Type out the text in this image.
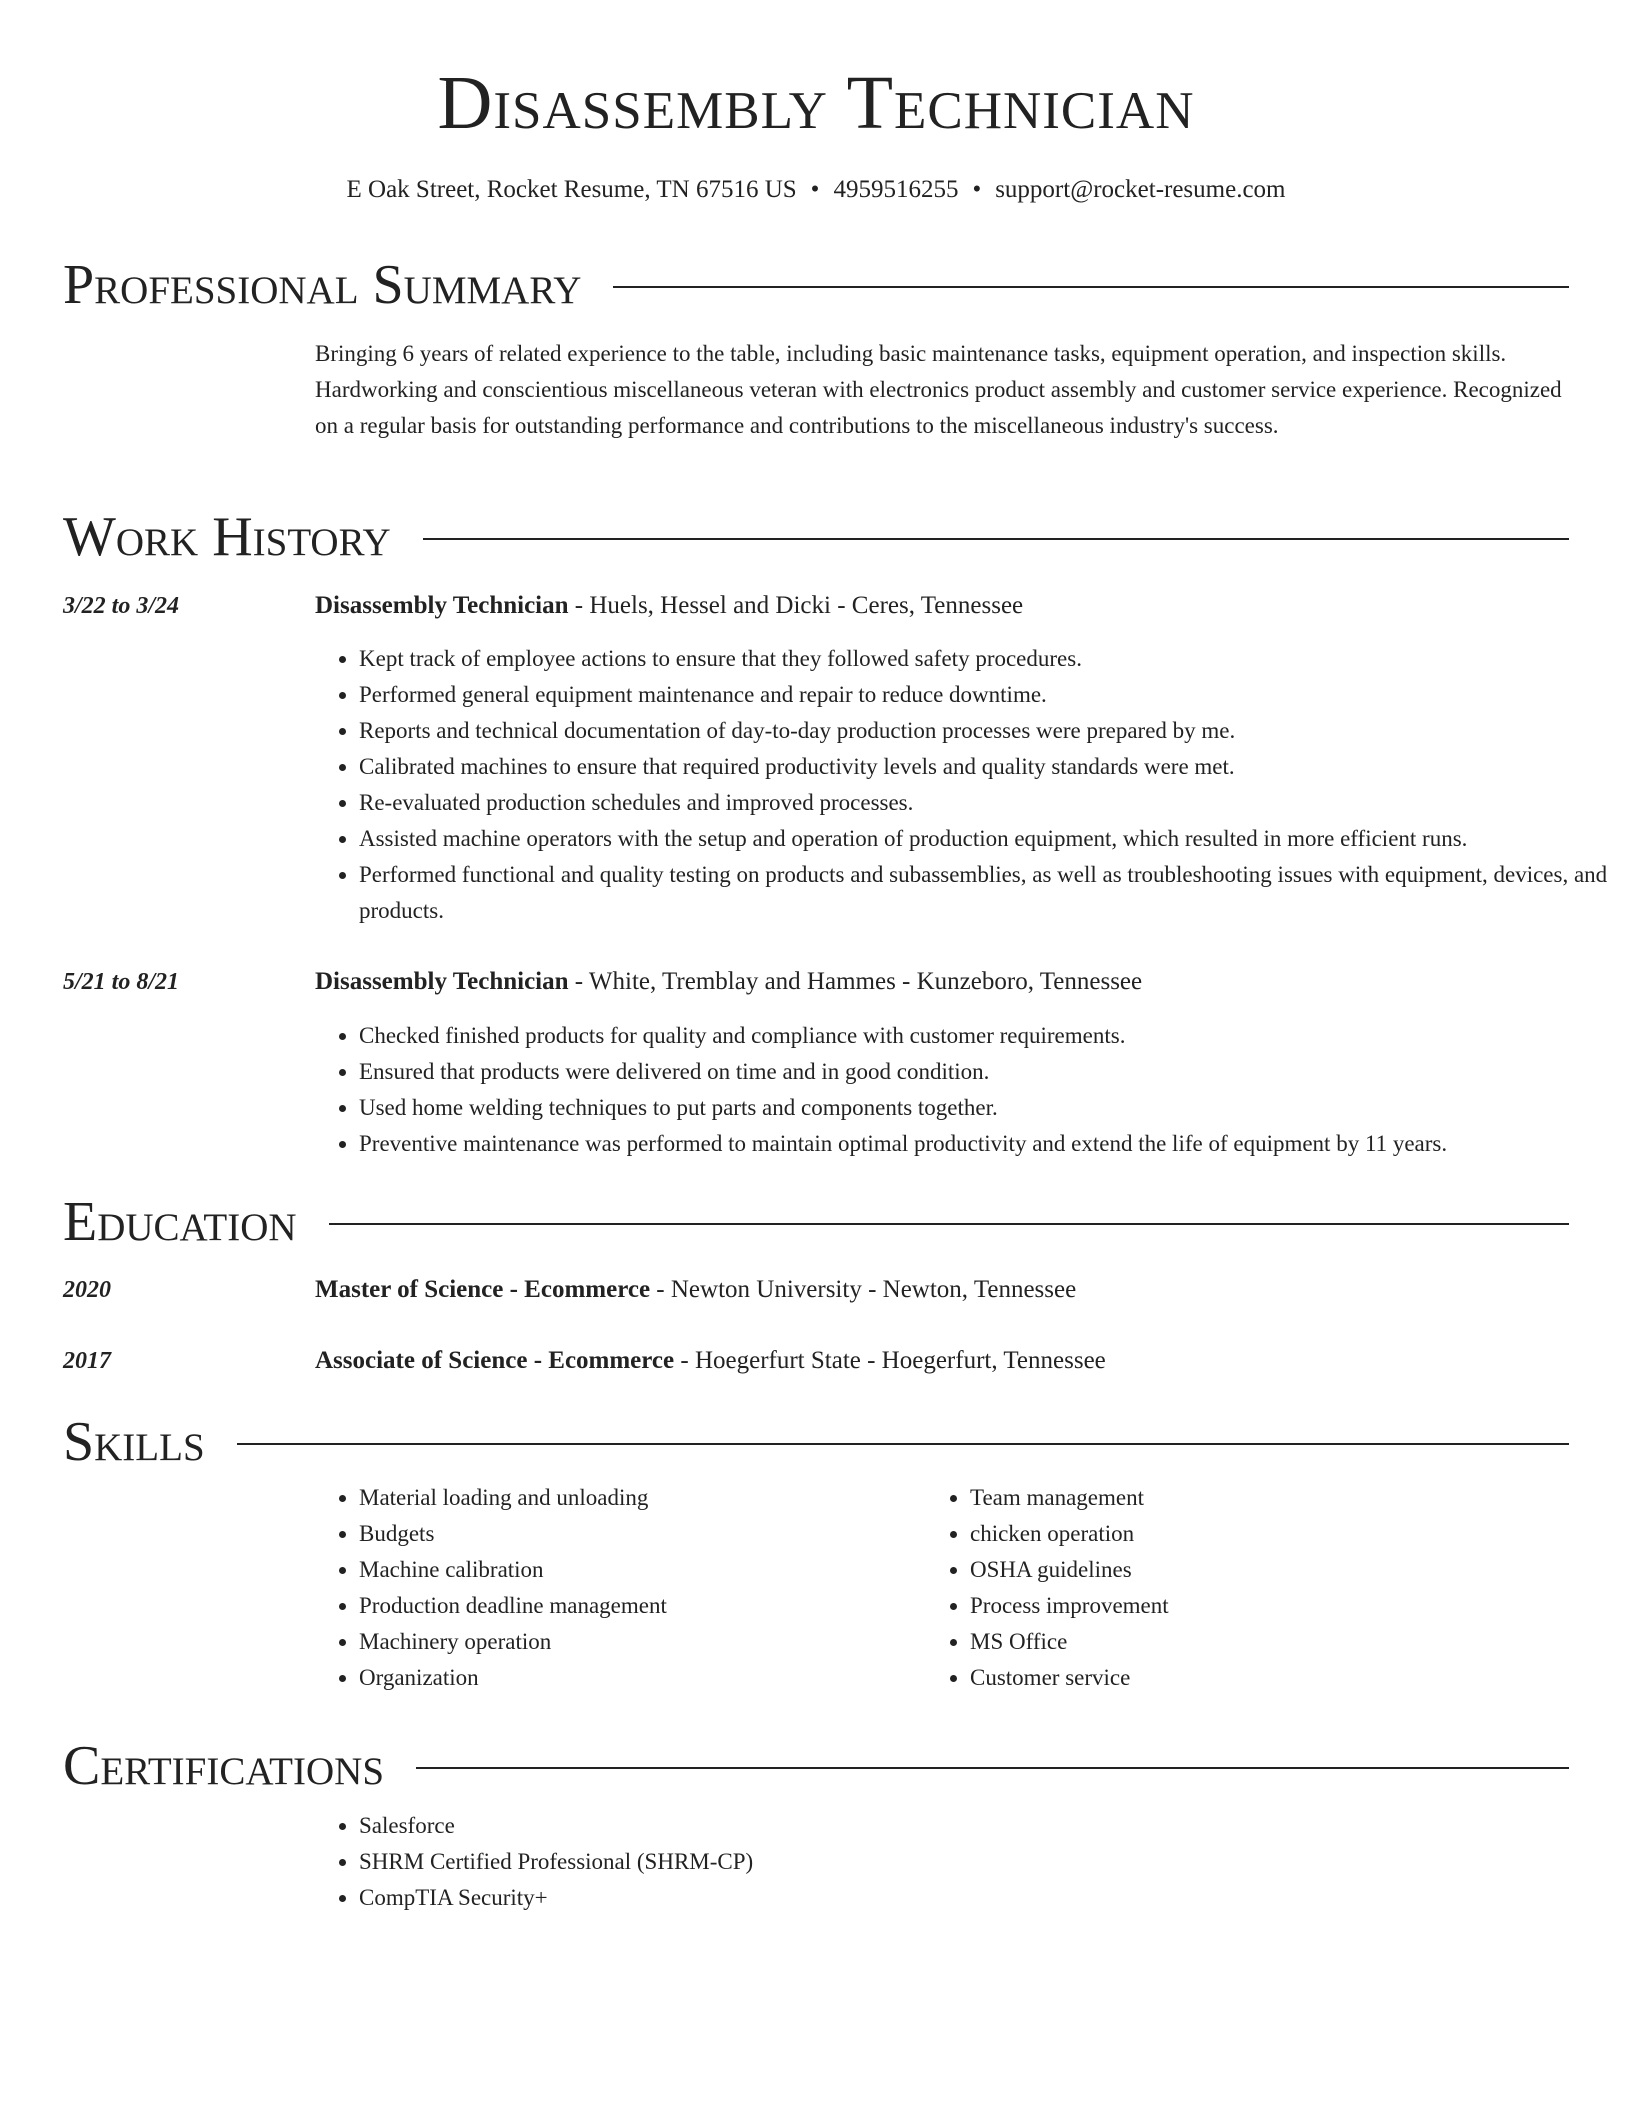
Disassembly Technician
E Oak Street, Rocket Resume, TN 67516 US • 4959516255 • support@rocket-resume.com
Professional Summary
Bringing 6 years of related experience to the table, including basic maintenance tasks, equipment operation, and inspection skills. Hardworking and conscientious miscellaneous veteran with electronics product assembly and customer service experience. Recognized on a regular basis for outstanding performance and contributions to the miscellaneous industry's success.
Work History
3/22 to 3/24	Disassembly Technician - Huels, Hessel and Dicki - Ceres, Tennessee
• Kept track of employee actions to ensure that they followed safety procedures.
• Performed general equipment maintenance and repair to reduce downtime.
• Reports and technical documentation of day-to-day production processes were prepared by me.
• Calibrated machines to ensure that required productivity levels and quality standards were met.
• Re-evaluated production schedules and improved processes.
• Assisted machine operators with the setup and operation of production equipment, which resulted in more efficient runs.
• Performed functional and quality testing on products and subassemblies, as well as troubleshooting issues with equipment, devices, and products.
5/21 to 8/21	Disassembly Technician - White, Tremblay and Hammes - Kunzeboro, Tennessee
• Checked finished products for quality and compliance with customer requirements.
• Ensured that products were delivered on time and in good condition.
• Used home welding techniques to put parts and components together.
• Preventive maintenance was performed to maintain optimal productivity and extend the life of equipment by 11 years.
Education
2020	Master of Science - Ecommerce - Newton University - Newton, Tennessee
2017	Associate of Science - Ecommerce - Hoegerfurt State - Hoegerfurt, Tennessee
Skills
• Material loading and unloading
• Budgets
• Machine calibration
• Production deadline management
• Machinery operation
• Organization
• Team management
• chicken operation
• OSHA guidelines
• Process improvement
• MS Office
• Customer service
Certifications
• Salesforce
• SHRM Certified Professional (SHRM-CP)
• CompTIA Security+
